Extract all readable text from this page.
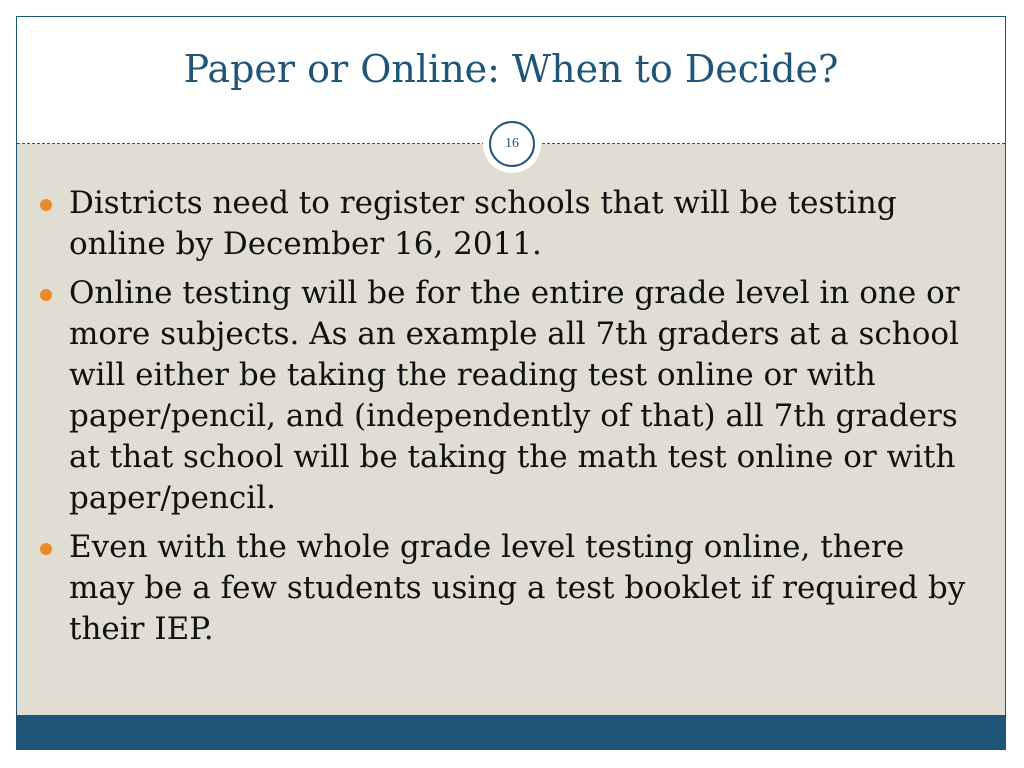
Paper or Online: When to Decide?
16
Districts need to register schools that will be testing online by December 16, 2011.
Online testing will be for the entire grade level in one or more subjects. As an example all 7th graders at a school will either be taking the reading test online or with paper/pencil, and (independently of that) all 7th graders at that school will be taking the math test online or with paper/pencil.
Even with the whole grade level testing online, there may be a few students using a test booklet if required by their IEP.
